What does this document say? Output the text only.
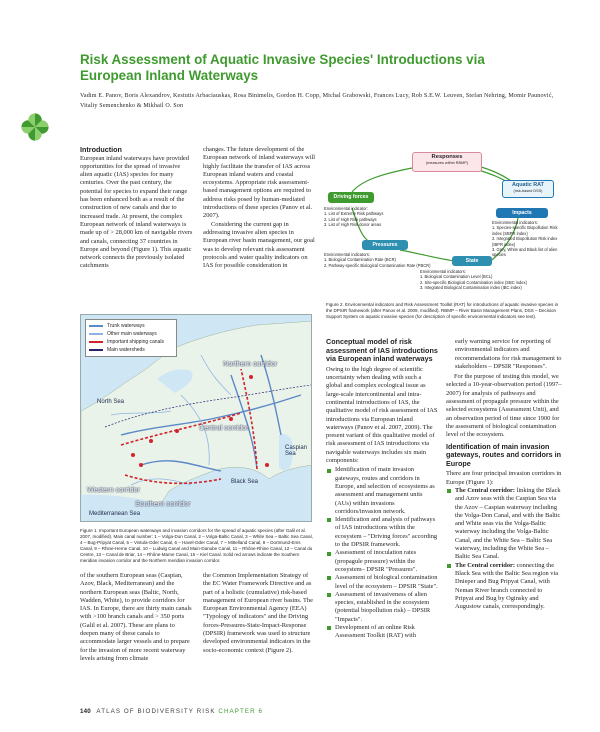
Risk Assessment of Aquatic Invasive Species' Introductions via European Inland Waterways
Vadim E. Panov, Boris Alexandrov, Kestutis Arbaciauskas, Rosa Binimelis, Gordon H. Copp, Michal Grabowski, Frances Lucy, Rob S.E.W. Leuven, Stefan Nehring, Momir Paunović, Vitaliy Semenchenko & Mikhail O. Son
Introduction

European inland waterways have provided opportunities for the spread of invasive alien aquatic (IAS) species for many centuries. Over the past century, the potential for species to expand their range has been enhanced both as a result of the construction of new canals and due to increased trade. At present, the complex European network of inland waterways is made up of > 28,000 km of navigable rivers and canals, connecting 37 countries in Europe and beyond (Figure 1). This aquatic network connects the previously isolated catchments

changes. The future development of the European network of inland waterways will highly facilitate the transfer of IAS across European inland waters and coastal ecosystems. Appropriate risk assessment-based management options are required to address risks posed by human-mediated introductions of these species (Panov et al. 2007).

Considering the current gap in addressing invasive alien species in European river basin management, our goal was to develop relevant risk assessment protocols and water quality indicators on IAS for possible consideration in

Trunk waterways
Other main waterways
Important shipping canals
Main watersheds
Northern corridor
Central corridor
Western corridor
Southern corridor
North Sea
Black Sea
Caspian Sea
Mediterranean Sea
Figure 1. Important European waterways and invasion corridors for the spread of aquatic species (after Galil et al. 2007, modified). Main canal number: 1 – Volga-Don Canal, 2 – Volga-Baltic Canal, 3 – White Sea – Baltic Sea Canal, 4 – Bug-Pripyat Canal, 5 – Vistula-Oder Canal, 6 – Havel-Oder Canal, 7 – Mittelland Canal, 8 – Dortmund-Ems Canal, 9 – Rhine-Herne Canal, 10 – Ludwig Canal and Main-Danube Canal, 11 – Rhône-Rhine Canal, 12 – Canal du Centre, 13 – Canal de Briar, 14 – Rhône-Marne Canal, 15 – Kiel Canal. Solid red arrows indicate the Southern meridian invasion corridor and the Northern meridian invasion corridor.

of the southern European seas (Caspian, Azov, Black, Mediterranean) and the northern European seas (Baltic, North, Wadden, White), to provide corridors for IAS. In Europe, there are thirty main canals with >100 branch canals and > 350 ports (Galil et al. 2007). These are plans to deepen many of these canals to accommodate larger vessels and to prepare for the invasion of more recent waterway levels arising from climate

the Common Implementation Strategy of the EC Water Framework Directive and as part of a holistic (cumulative) risk-based management of European river basins. The European Environmental Agency (EEA) "Typology of indicators" and the Driving forces-Pressures-State-Impact-Response (DPSIR) framework was used to structure developed environmental indicators in the socio-economic context (Figure 2).

Responses
(measures within RBMP)
Driving forces
Aquatic RAT
(risk-based DSS)
Impacts
Pressures
State
Environmental indicator:
1. List of Extreme Risk pathways
2. List of High Risk pathways
3. List of High Risk donor areas
Environmental indicators:
1. Biological Contamination Rate (BCR)
2. Pathway-specific Biological Contamination Rate (PBCR)
Environmental indicators:
1. Species-specific Biopollution Risk index (SBPR index)
2. Integrated Biopollution Risk index (IBPR index)
3. Grey, White and Black list of alien species
Environmental indicators:
1. Biological Contamination Level (BCL)
2. Site-specific Biological Contamination index (SBC index)
3. Integrated Biological Contamination index (IBC index)
Figure 2. Environmental indicators and Risk Assessment Toolkit (RAT) for introductions of aquatic invasive species in the DPSIR framework (after Panov et al. 2009, modified). RBMP – River Basin Management Plans, DSS – Decision Support System on aquatic invasive species (for description of specific environmental indicators see text).
Conceptual model of risk assessment of IAS introductions via European inland waterways

Owing to the high degree of scientific uncertainty when dealing with such a global and complex ecological issue as large-scale intercontinental and intra-continental introductions of IAS, the qualitative model of risk assessment of IAS introductions via European inland waterways (Panov et al. 2007, 2009). The present variant of this qualitative model of risk assessment of IAS introductions via navigable waterways includes six main components:

Identification of main invasion gateways, routes and corridors in Europe, and selection of ecosystems as assessment and management units (AUs) within invasions corridors/invasion network.
Identification and analysis of pathways of IAS introductions within the ecosystem – "Driving forces" according to the DPSIR framework.
Assessment of inoculation rates (propagule pressure) within the ecosystem– DPSIR "Pressures".
Assessment of biological contamination level of the ecosystem – DPSIR "State".
Assessment of invasiveness of alien species, established in the ecosystem (potential biopollution risk) – DPSIR "Impacts".
Development of an online Risk Assessment Toolkit (RAT) with

early warning service for reporting of environmental indicators and recommendations for risk management to stakeholders – DPSIR "Responses".

For the purpose of testing this model, we selected a 10-year-observation period (1997–2007) for analysis of pathways and assessment of propagule pressure within the selected ecosystems (Assessment Unit), and an observation period of time since 1900 for the assessment of biological contamination level of the ecosystem.

Identification of main invasion gateways, routes and corridors in Europe

There are four principal invasion corridors in Europe (Figure 1):

The Central corridor: linking the Black and Azov seas with the Caspian Sea via the Azov – Caspian waterway including the Volga-Don Canal, and with the Baltic and White seas via the Volga-Baltic waterway including the Volga-Baltic Canal, and the White Sea – Baltic Sea waterway, including the White Sea – Baltic Sea Canal.
The Central corridor: connecting the Black Sea with the Baltic Sea region via Dnieper and Bug Pripyat Canal, with Neman River branch connected to Pripyat and Bug by Oginsky and Augustow canals, correspondingly.
140 ATLAS OF BIODIVERSITY RISK CHAPTER 6
